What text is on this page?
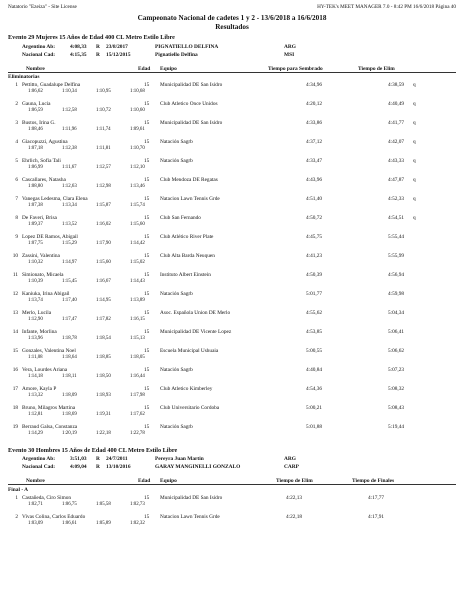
Natatorio "Ezeiza" - Site License	HY-TEK's MEET MANAGER 7.0 - 8:42 PM 16/6/2018 Página 40
Campeonato Nacional de cadetes 1 y 2 - 13/6/2018 a 16/6/2018
Resultados
Evento 29 Mujeres 15 Años de Edad 400 CL Metro Estilo Libre
Argentino Ab:	4:08,33 R 23/8/2017	PIGNATIELLO DELFINA	ARG
Nacional Cad:	4:15,35 R 15/12/2015	Pignatiello Delfina	MSI
Nombre	Edad Equipo	Tiempo para Sembrado	Tiempo de Elim
Eliminatorias
1 Pettitto, Guadalupe Delfina	15 Municipalidad DE San Isidro	4:34,96	4:38,59 q
1:06,62	1:10,34	1:10,95	1:10,68
2 Gauna, Lucia	15 Club Atletico Once Unidos	4:20,12	4:40,49 q
1:06,59	1:12,58	1:10,72	1:10,60
3 Bustos, Irina G.	15 Municipalidad DE San Isidro	4:33,86	4:41,77 q
1:08,46	1:11,96	1:11,74	1:09,61
4 Giacopuzzi, Agustina	15 Natación Sagrb	4:37,12	4:42,07 q
1:07,18	1:12,38	1:11,81	1:10,70
5 Ehrlich, Sofia Tali	15 Natación Sagrb	4:33,47	4:43,33 q
1:06,99	1:11,67	1:12,57	1:12,10
6 Cascallares, Natasha	15 Club Mendoza DE Regatas	4:43,96	4:47,87 q
1:08,80	1:12,63	1:12,98	1:13,46
7 Vanegas Ledesma, Clara Elena	15 Natacion Lawn Tennis Grde	4:51,40	4:52,33 q
1:07,38	1:13,34	1:15,87	1:15,74
8 De Faveri, Brisa	15 Club San Fernando	4:50,72	4:54,51 q
1:09,37	1:13,52	1:16,02	1:15,60
9 Lopez DE Ramos, Abigail	15 Club Atlético River Plate	4:45,75	5:55,44
1:07,75	1:15,29	1:17,90	1:14,42
10 Zassini, Valentina	15 Club Alta Barda Neuquen	4:41,23	5:55,99
1:10,32	1:14,97	1:15,60	1:15,02
11 Simionato, Micaela	15 Instituto Albert Einstein	4:50,39	4:56,94
1:10,39	1:15,45	1:16,67	1:14,43
12 Kaniuka, Irina Abigail	15 Natación Sagrb	5:01,77	4:59,98
1:13,74	1:17,40	1:14,95	1:13,89
13 Merlo, Lucila	15 Asoc. Española Union DE Merlo	4:55,62	5:04,34
1:12,90	1:17,47	1:17,82	1:16,15
14 Infante, Morlina	15 Municipalidad DE Vicente Lopez	4:53,85	5:06,41
1:13,96	1:18,78	1:18,54	1:15,13
15 Gonzales, Valentina Noel	15 Escuela Municipal Ushuaia	5:00,55	5:06,62
1:11,08	1:18,64	1:18,85	1:18,05
16 Vera, Lourdes Ariana	15 Natación Sagrb	4:40,84	5:07,23
1:14,18	1:18,11	1:18,50	1:16,44
17 Amore, Kayla P	15 Club Atletico Kimberley	4:54,36	5:08,32
1:13,32	1:18,09	1:18,93	1:17,98
18 Bruno, Milagros Martina	15 Club Universitario Cordoba	5:00,21	5:08,43
1:12,81	1:18,69	1:19,31	1:17,62
19 Berraud Galsa, Constanza	15 Natación Sagrb	5:01,88	5:19,44
1:14,29	1:20,19	1:22,18	1:22,78
Evento 30 Hombres 15 Años de Edad 400 CL Metro Estilo Libre
Argentino Ab:	3:51,03 R 24/7/2011	Pereyra Juan Martin	ARG
Nacional Cad:	4:09,04 R 13/10/2016	GARAY MANGINELLI GONZALO	CARP
Nombre	Edad Equipo	Tiempo de Elim	Tiempo de Finales
Final - A
1 Castañeda, Ciro Simon	15 Municipalidad DE San Isidro	4:22,13	4:17,77
1:02,71	1:06,75	1:05,58	1:02,73
2 Vivas Colina, Carlos Eduardo	15 Natacion Lawn Tennis Grde	4:22,18	4:17,91
1:03,09	1:06,61	1:05,89	1:02,32
